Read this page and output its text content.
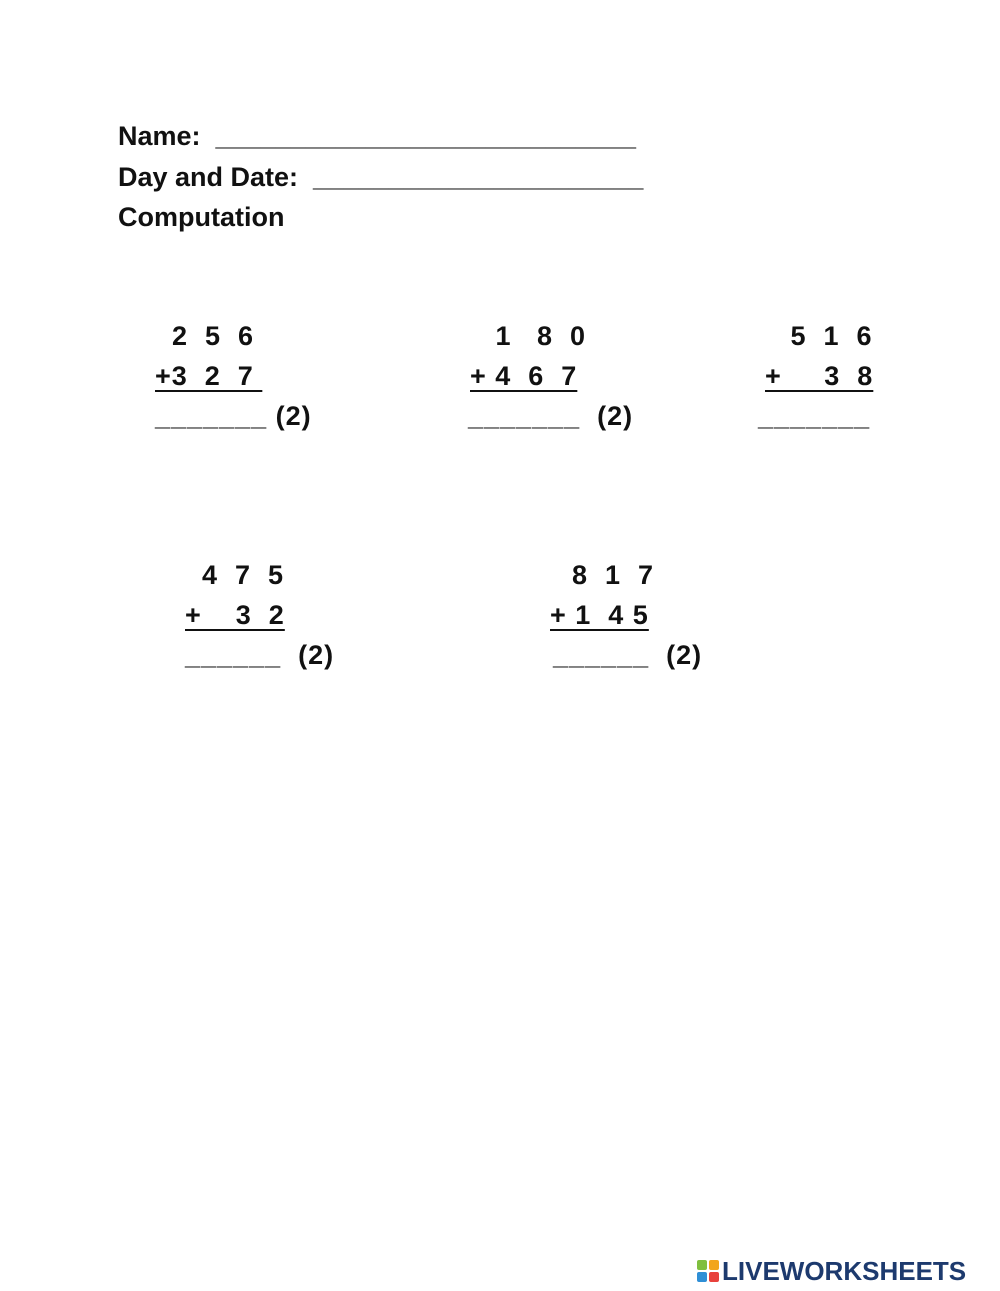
Name:  ____________________________
Day and Date:  ______________________
Computation
2  5  6
+3  2  7
_______ (2)
1   8  0
+ 4  6  7
_______  (2)
5  1  6
+     3  8
_______
4  7  5
+    3  2
______  (2)
8  1  7
+ 1  4 5
______  (2)
LIVEWORKSHEETS
